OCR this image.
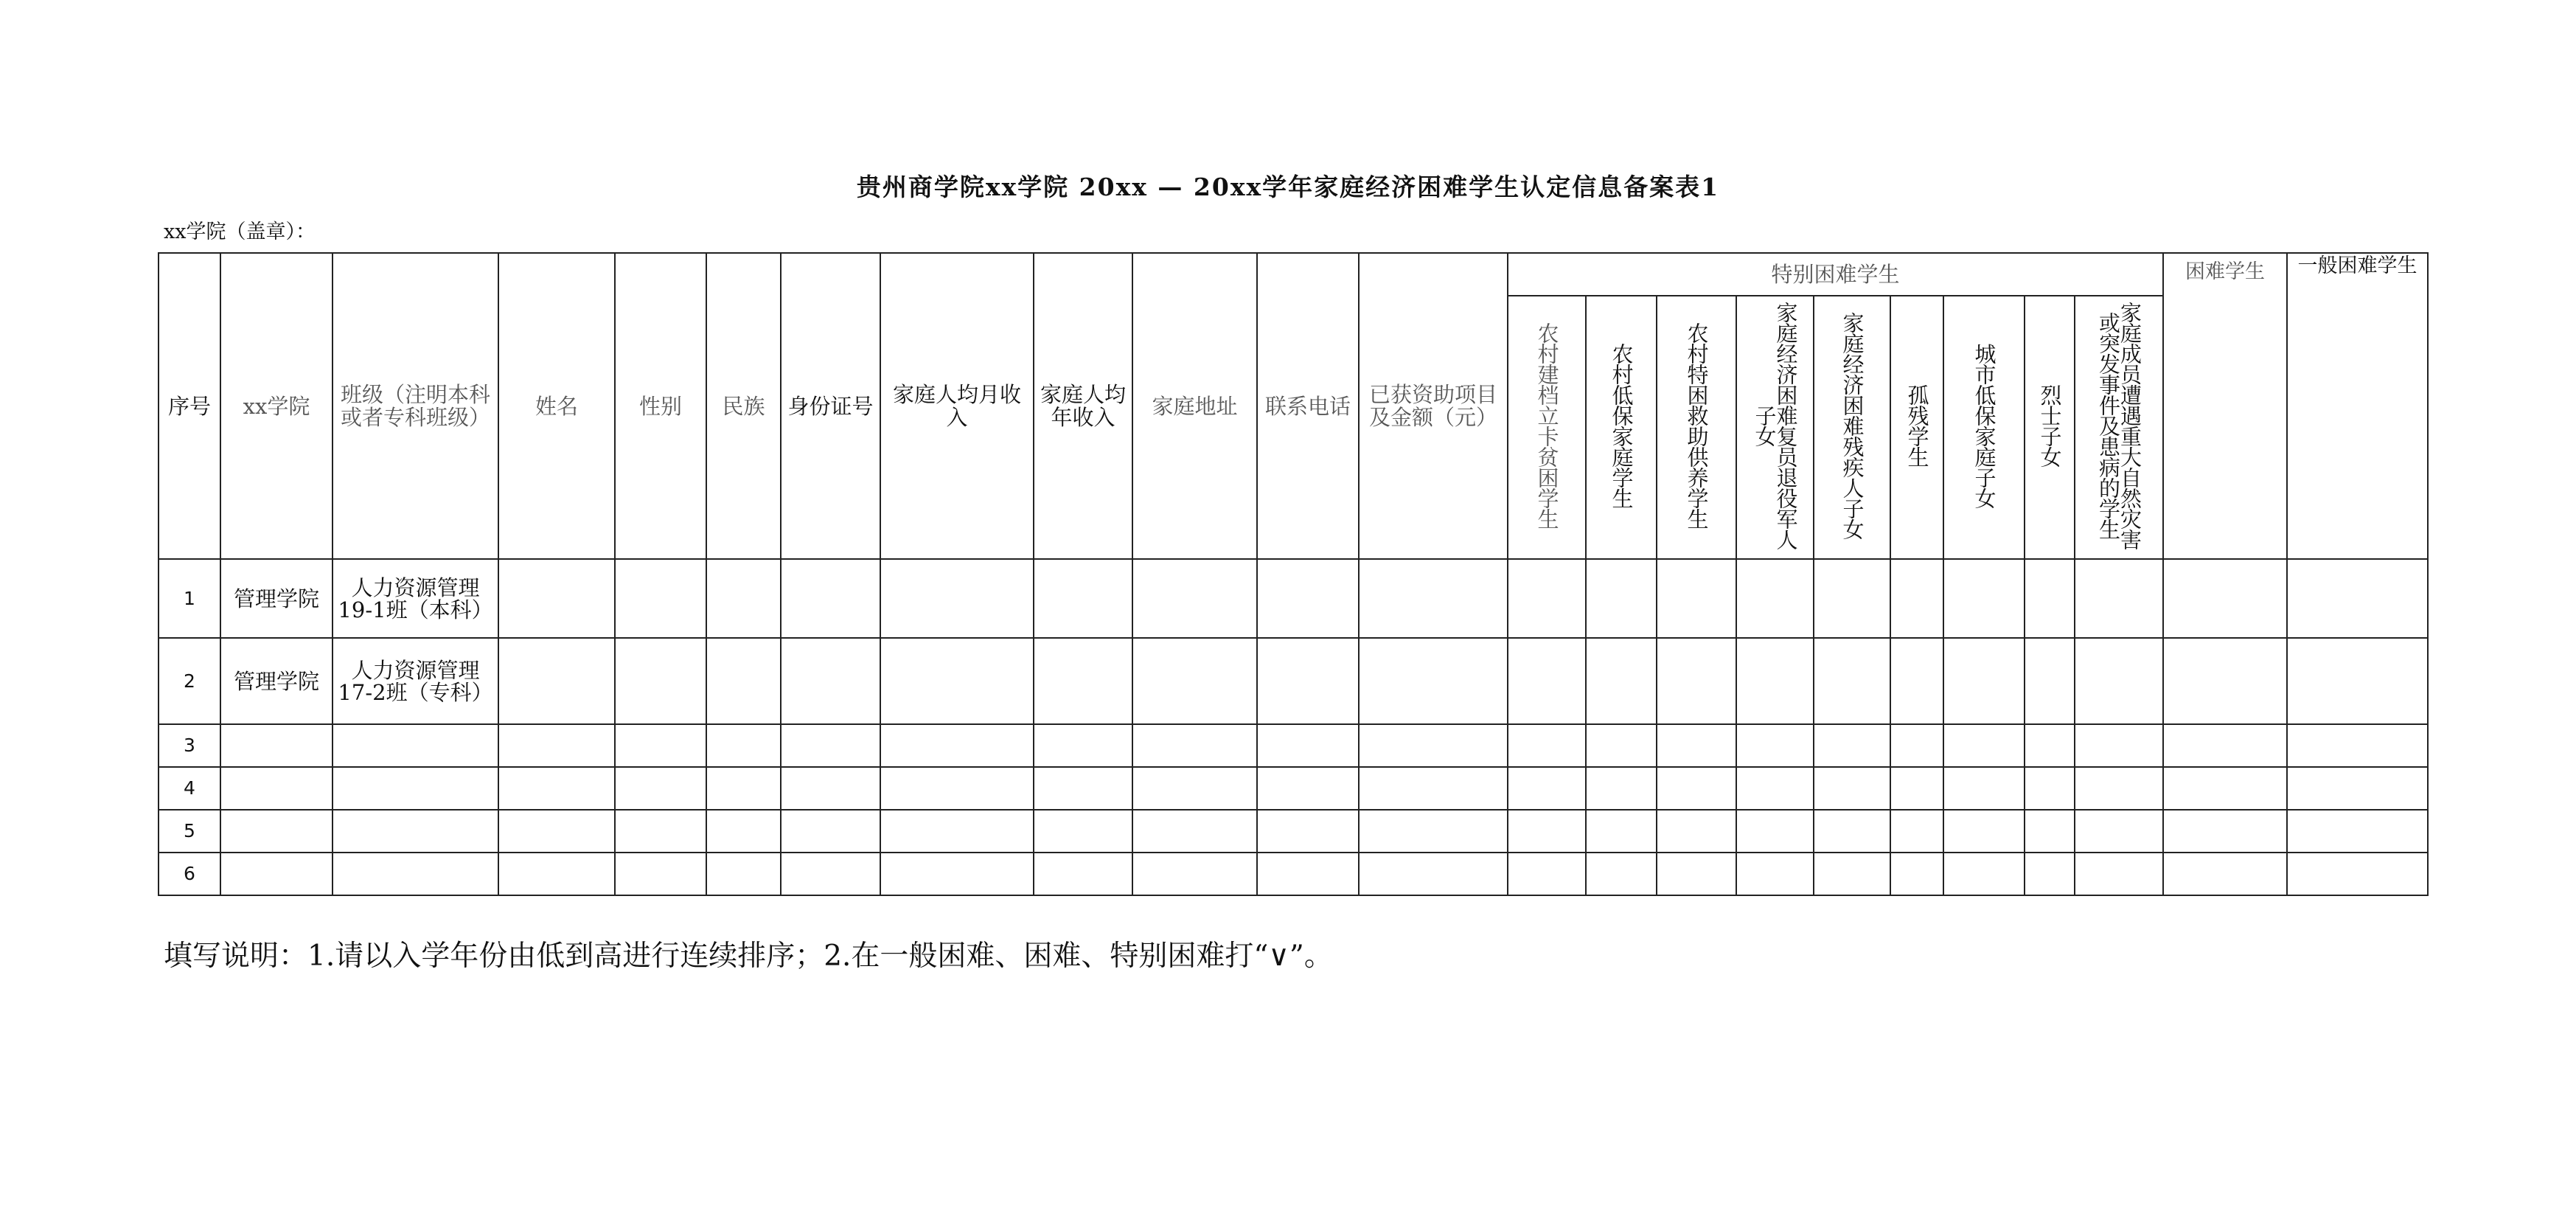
贵州商学院xx学院 20xx — 20xx学年家庭经济困难学生认定信息备案表1
xx学院（盖章）：
序号	xx学院	班级（注明本科或者专科班级）	姓名	性别	民族	身份证号	家庭人均月收入	家庭人均年收入	家庭地址	联系电话	已获资助项目及金额（元）	特别困难学生									困难学生	一般困难学生
												农村建档立卡贫困学生	农村低保家庭学生	农村特困救助供养学生	家庭经济困难复员退役军人子女	家庭经济困难残疾人子女	孤残学生	城市低保家庭子女	烈士子女	家庭成员遭遇重大自然灾害或突发事件及患病的学生		
1	管理学院	人力资源管理19-1班（本科）																				
2	管理学院	人力资源管理17-2班（专科）																				
3																						
4																						
5																						
6																						
填写说明：1.请以入学年份由低到高进行连续排序；2.在一般困难、困难、特别困难打“∨”。
